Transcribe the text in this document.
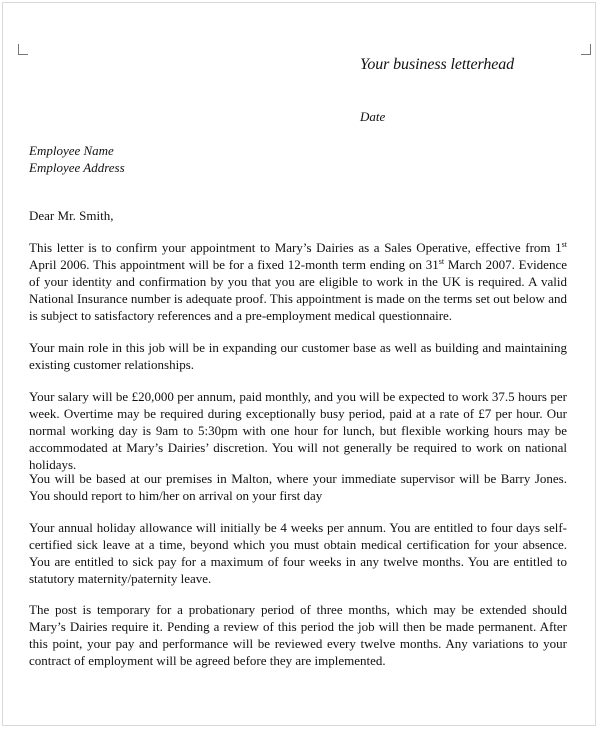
Your business letterhead
Date
Employee Name
Employee Address
Dear Mr. Smith,

This letter is to confirm your appointment to Mary’s Dairies as a Sales Operative, effective from 1st April 2006. This appointment will be for a fixed 12-month term ending on 31st March 2007. Evidence of your identity and confirmation by you that you are eligible to work in the UK is required. A valid National Insurance number is adequate proof. This appointment is made on the terms set out below and is subject to satisfactory references and a pre-employment medical questionnaire.

Your main role in this job will be in expanding our customer base as well as building and maintaining existing customer relationships.

Your salary will be £20,000 per annum, paid monthly, and you will be expected to work 37.5 hours per week. Overtime may be required during exceptionally busy period, paid at a rate of £7 per hour. Our normal working day is 9am to 5:30pm with one hour for lunch, but flexible working hours may be accommodated at Mary’s Dairies’ discretion. You will not generally be required to work on national holidays.

You will be based at our premises in Malton, where your immediate supervisor will be Barry Jones. You should report to him/her on arrival on your first day

Your annual holiday allowance will initially be 4 weeks per annum. You are entitled to four days self-certified sick leave at a time, beyond which you must obtain medical certification for your absence. You are entitled to sick pay for a maximum of four weeks in any twelve months. You are entitled to statutory maternity/paternity leave.

The post is temporary for a probationary period of three months, which may be extended should Mary’s Dairies require it. Pending a review of this period the job will then be made permanent. After this point, your pay and performance will be reviewed every twelve months. Any variations to your contract of employment will be agreed before they are implemented.
